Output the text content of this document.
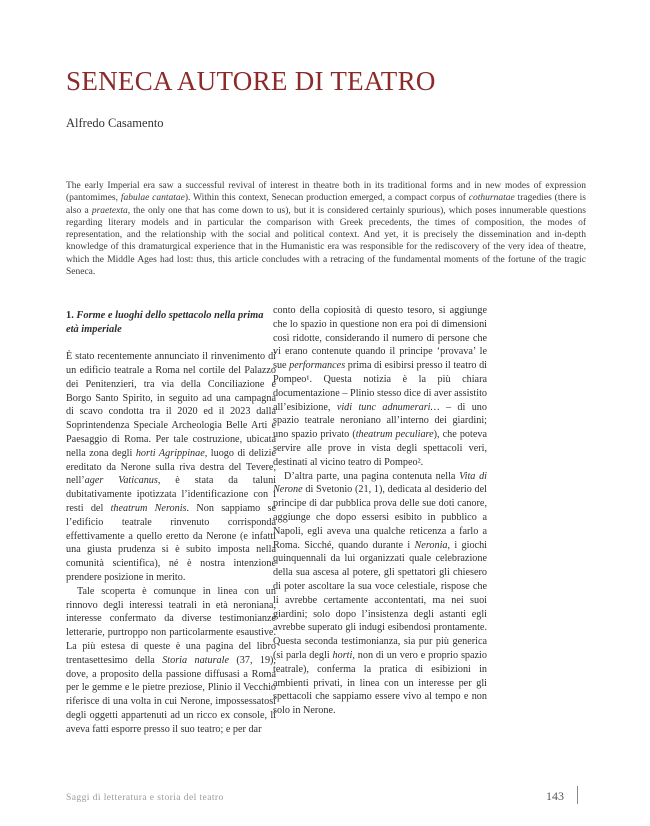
SENECA AUTORE DI TEATRO
Alfredo Casamento

The early Imperial era saw a successful revival of interest in theatre both in its traditional forms and in new modes of expression (pantomimes, fabulae cantatae). Within this context, Senecan production emerged, a compact corpus of cothurnatae tragedies (there is also a praetexta, the only one that has come down to us), but it is considered certainly spurious), which poses innumerable questions regarding literary models and in particular the comparison with Greek precedents, the times of composition, the modes of representation, and the relationship with the social and political context. And yet, it is precisely the dissemination and in-depth knowledge of this dramaturgical experience that in the Humanistic era was responsible for the rediscovery of the very idea of theatre, which the Middle Ages had lost: thus, this article concludes with a retracing of the fundamental moments of the fortune of the tragic Seneca.

1. Forme e luoghi dello spettacolo nella prima età imperiale

È stato recentemente annunciato il rinvenimento di un edificio teatrale a Roma nel cortile del Palazzo dei Penitenzieri, tra via della Conciliazione e Borgo Santo Spirito, in seguito ad una campagna di scavo condotta tra il 2020 ed il 2023 dalla Soprintendenza Speciale Archeologia Belle Arti e Paesaggio di Roma. Per tale costruzione, ubicata nella zona degli horti Agrippinae, luogo di delizie ereditato da Nerone sulla riva destra del Tevere, nell’ager Vaticanus, è stata da taluni dubitativamente ipotizzata l’identificazione con i resti del theatrum Neronis. Non sappiamo se l’edificio teatrale rinvenuto corrisponda effettivamente a quello eretto da Nerone (e infatti una giusta prudenza si è subito imposta nella comunità scientifica), né è nostra intenzione prendere posizione in merito.

Tale scoperta è comunque in linea con un rinnovo degli interessi teatrali in età neroniana, interesse confermato da diverse testimonianze letterarie, purtroppo non particolarmente esaustive. La più estesa di queste è una pagina del libro trentasettesimo della Storia naturale (37, 19), dove, a proposito della passione diffusasi a Roma per le gemme e le pietre preziose, Plinio il Vecchio riferisce di una volta in cui Nerone, impossessatosi degli oggetti appartenuti ad un ricco ex console, li aveva fatti esporre presso il suo teatro; e per dar

conto della copiosità di questo tesoro, si aggiunge che lo spazio in questione non era poi di dimensioni così ridotte, considerando il numero di persone che vi erano contenute quando il principe ‘provava’ le sue performances prima di esibirsi presso il teatro di Pompeo¹. Questa notizia è la più chiara documentazione – Plinio stesso dice di aver assistito all’esibizione, vidi tunc adnumerari… – di uno spazio teatrale neroniano all’interno dei giardini; uno spazio privato (theatrum peculiare), che poteva servire alle prove in vista degli spettacoli veri, destinati al vicino teatro di Pompeo².

D’altra parte, una pagina contenuta nella Vita di Nerone di Svetonio (21, 1), dedicata al desiderio del principe di dar pubblica prova delle sue doti canore, aggiunge che dopo essersi esibito in pubblico a Napoli, egli aveva una qualche reticenza a farlo a Roma. Sicché, quando durante i Neronia, i giochi quinquennali da lui organizzati quale celebrazione della sua ascesa al potere, gli spettatori gli chiesero di poter ascoltare la sua voce celestiale, rispose che li avrebbe certamente accontentati, ma nei suoi giardini; solo dopo l’insistenza degli astanti egli avrebbe superato gli indugi esibendosi prontamente. Questa seconda testimonianza, sia pur più generica (si parla degli horti, non di un vero e proprio spazio teatrale), conferma la pratica di esibizioni in ambienti privati, in linea con un interesse per gli spettacoli che sappiamo essere vivo al tempo e non solo in Nerone.

Saggi di letteratura e storia del teatro	143
